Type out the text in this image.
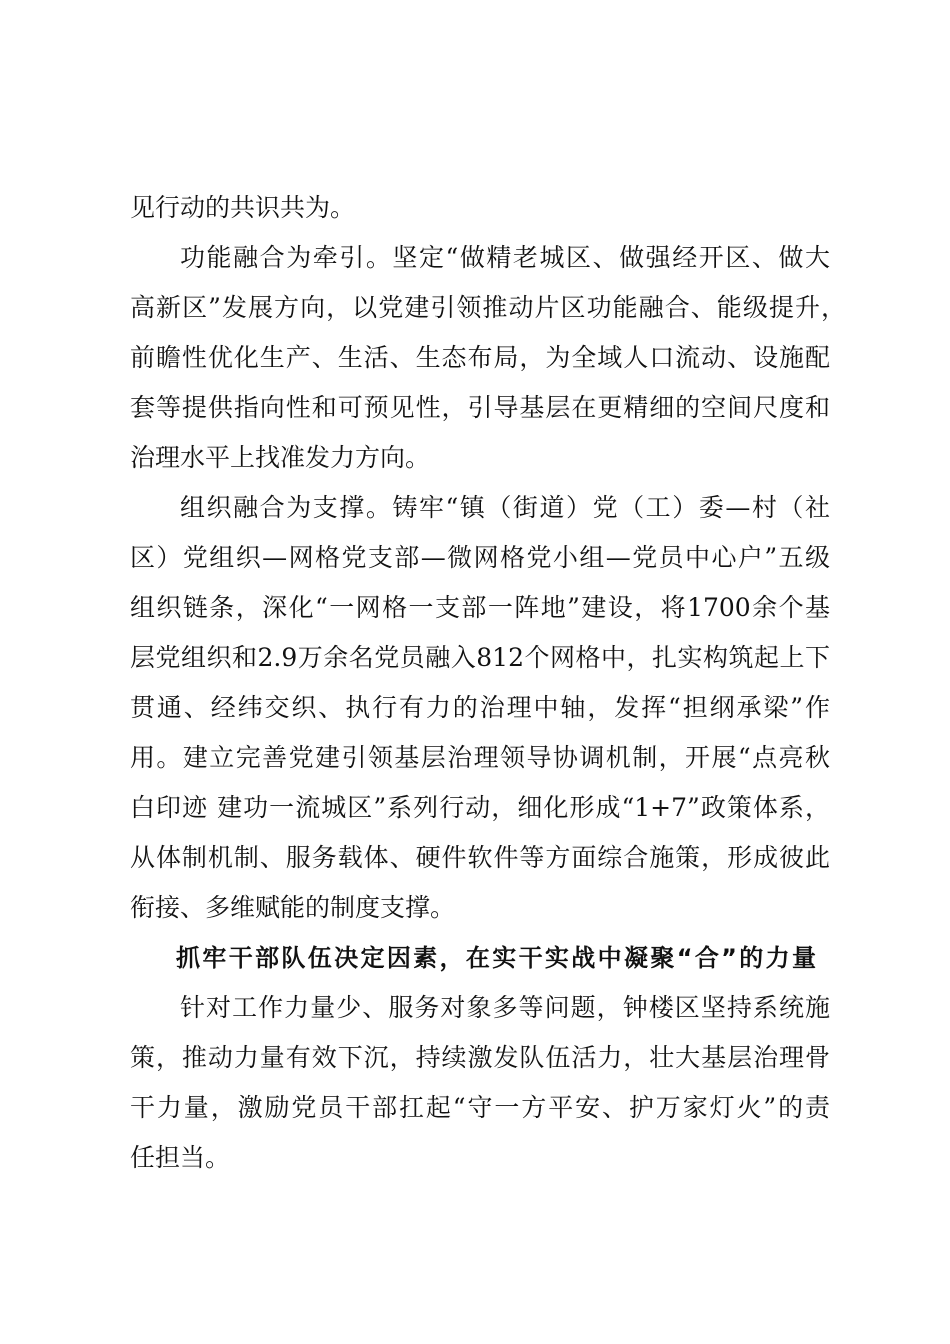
见行动的共识共为。
功能融合为牵引。坚定“做精老城区、做强经开区、做大
高新区”发展方向，以党建引领推动片区功能融合、能级提升，
前瞻性优化生产、生活、生态布局，为全域人口流动、设施配
套等提供指向性和可预见性，引导基层在更精细的空间尺度和
治理水平上找准发力方向。
组织融合为支撑。铸牢“镇（街道）党（工）委—村（社
区）党组织—网格党支部—微网格党小组—党员中心户”五级
组织链条，深化“一网格一支部一阵地”建设，将1700余个基
层党组织和2.9万余名党员融入812个网格中，扎实构筑起上下
贯通、经纬交织、执行有力的治理中轴，发挥“担纲承梁”作
用。建立完善党建引领基层治理领导协调机制，开展“点亮秋
白印迹 建功一流城区”系列行动，细化形成“1+7”政策体系，
从体制机制、服务载体、硬件软件等方面综合施策，形成彼此
衔接、多维赋能的制度支撑。
抓牢干部队伍决定因素，在实干实战中凝聚“合”的力量
针对工作力量少、服务对象多等问题，钟楼区坚持系统施
策，推动力量有效下沉，持续激发队伍活力，壮大基层治理骨
干力量，激励党员干部扛起“守一方平安、护万家灯火”的责
任担当。
